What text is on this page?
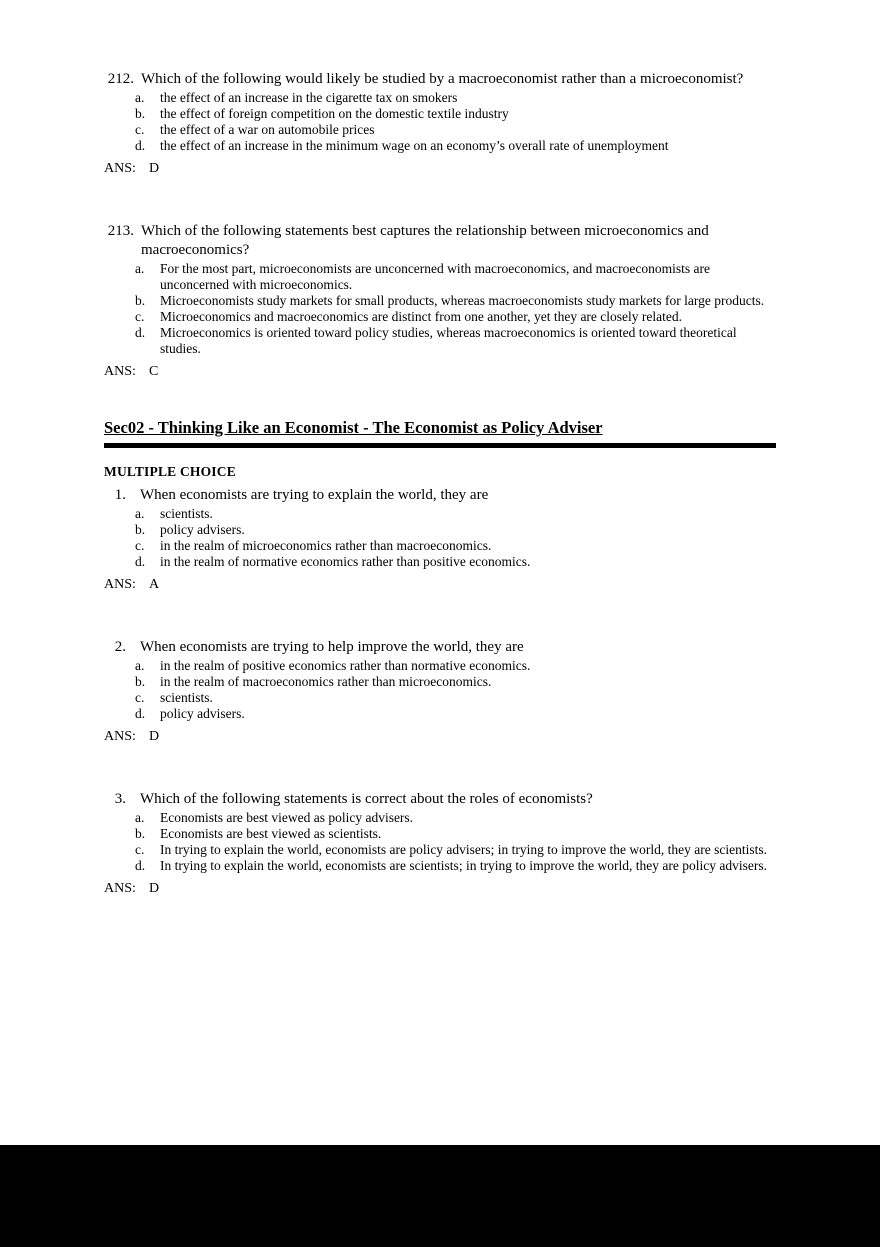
212. Which of the following would likely be studied by a macroeconomist rather than a microeconomist?
a.	the effect of an increase in the cigarette tax on smokers
b. the effect of foreign competition on the domestic textile industry
c.	the effect of a war on automobile prices
d. the effect of an increase in the minimum wage on an economy’s overall rate of unemployment
ANS: D
213. Which of the following statements best captures the relationship between microeconomics and macroeconomics?
a.	For the most part, microeconomists are unconcerned with macroeconomics, and macroeconomists are unconcerned with microeconomics.
b. Microeconomists study markets for small products, whereas macroeconomists study markets for large products.
c.	Microeconomics and macroeconomics are distinct from one another, yet they are closely related.
d. Microeconomics is oriented toward policy studies, whereas macroeconomics is oriented toward theoretical studies.
ANS: C
Sec02 - Thinking Like an Economist - The Economist as Policy Adviser
MULTIPLE CHOICE
1. When economists are trying to explain the world, they are
a.	scientists.
b. policy advisers.
c.	in the realm of microeconomics rather than macroeconomics.
d. in the realm of normative economics rather than positive economics.
ANS: A
2. When economists are trying to help improve the world, they are
a.	in the realm of positive economics rather than normative economics.
b. in the realm of macroeconomics rather than microeconomics.
c.	scientists.
d. policy advisers.
ANS: D
3. Which of the following statements is correct about the roles of economists?
a.	Economists are best viewed as policy advisers.
b. Economists are best viewed as scientists.
c.	In trying to explain the world, economists are policy advisers; in trying to improve the world, they are scientists.
d. In trying to explain the world, economists are scientists; in trying to improve the world, they are policy advisers.
ANS: D
